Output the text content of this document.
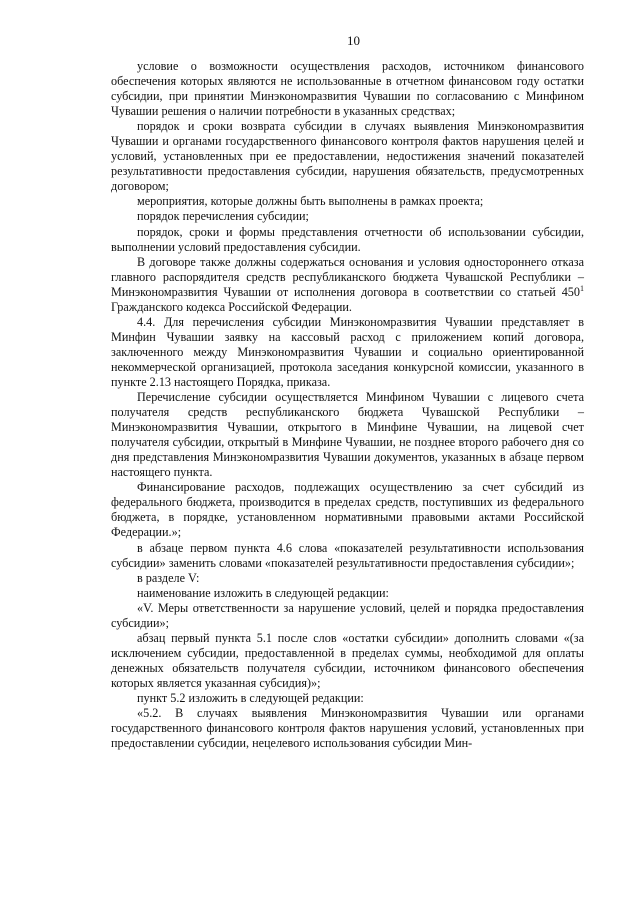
10

условие о возможности осуществления расходов, источником финансового обеспечения которых являются не использованные в отчетном финансовом году остатки субсидии, при принятии Минэкономразвития Чувашии по согласованию с Минфином Чувашии решения о наличии потребности в указанных средствах;

порядок и сроки возврата субсидии в случаях выявления Минэкономразвития Чувашии и органами государственного финансового контроля фактов нарушения целей и условий, установленных при ее предоставлении, недостижения значений показателей результативности предоставления субсидии, нарушения обязательств, предусмотренных договором;

мероприятия, которые должны быть выполнены в рамках проекта;

порядок перечисления субсидии;

порядок, сроки и формы представления отчетности об использовании субсидии, выполнении условий предоставления субсидии.

В договоре также должны содержаться основания и условия одностороннего отказа главного распорядителя средств республиканского бюджета Чувашской Республики – Минэкономразвития Чувашии от исполнения договора в соответствии со статьей $450^1$ Гражданского кодекса Российской Федерации.

4.4. Для перечисления субсидии Минэкономразвития Чувашии представляет в Минфин Чувашии заявку на кассовый расход с приложением копий договора, заключенного между Минэкономразвития Чувашии и социально ориентированной некоммерческой организацией, протокола заседания конкурсной комиссии, указанного в пункте 2.13 настоящего Порядка, приказа.

Перечисление субсидии осуществляется Минфином Чувашии с лицевого счета получателя средств республиканского бюджета Чувашской Республики – Минэкономразвития Чувашии, открытого в Минфине Чувашии, на лицевой счет получателя субсидии, открытый в Минфине Чувашии, не позднее второго рабочего дня со дня представления Минэкономразвития Чувашии документов, указанных в абзаце первом настоящего пункта.

Финансирование расходов, подлежащих осуществлению за счет субсидий из федерального бюджета, производится в пределах средств, поступивших из федерального бюджета, в порядке, установленном нормативными правовыми актами Российской Федерации.»;

в абзаце первом пункта 4.6 слова «показателей результативности использования субсидии» заменить словами «показателей результативности предоставления субсидии»;

в разделе V:

наименование изложить в следующей редакции:

«V. Меры ответственности за нарушение условий, целей и порядка предоставления субсидии»;

абзац первый пункта 5.1 после слов «остатки субсидии» дополнить словами «(за исключением субсидии, предоставленной в пределах суммы, необходимой для оплаты денежных обязательств получателя субсидии, источником финансового обеспечения которых является указанная субсидия)»;

пункт 5.2 изложить в следующей редакции:

«5.2. В случаях выявления Минэкономразвития Чувашии или органами государственного финансового контроля фактов нарушения условий, установленных при предоставлении субсидии, нецелевого использования субсидии Мин-
